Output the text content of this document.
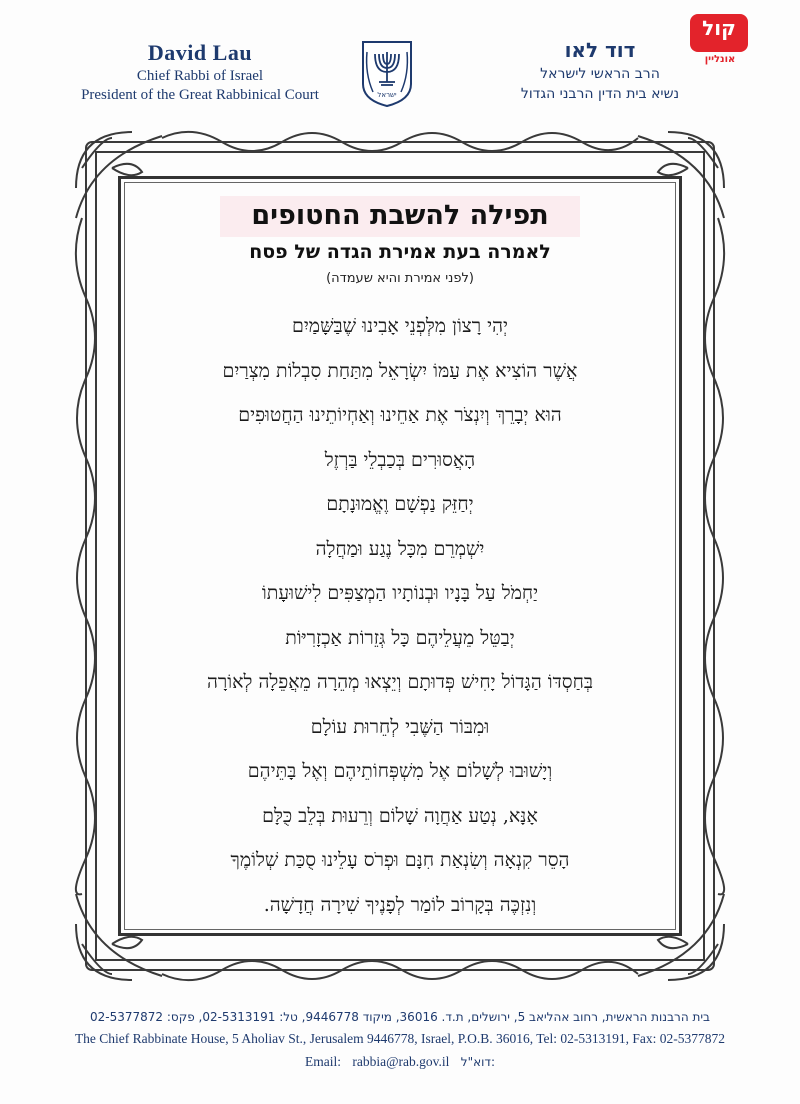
David Lau
Chief Rabbi of Israel
President of the Great Rabbinical Court	ישראל
דוד לאו
הרב הראשי לישראל
נשיא בית הדין הרבני הגדול
קול
אונליין
תפילה להשבת החטופים
לאמרה בעת אמירת הגדה של פסח
(לפני אמירת והיא שעמדה)
יְהִי רָצוֹן מִלְּפְנֵי אָבִינוּ שֶׁבַּשָּׁמַיִם
אֲשֶׁר הוֹצִיא אֶת עַמּוֹ יִשְׂרָאֵל מִתַּחַת סִבְלוֹת מִצְרַיִם
הוּא יְבָרֵךְ וְיִנְצֹר אֶת אַחֵינוּ וְאַחְיוֹתֵינוּ הַחֲטוּפִים
הָאֲסוּרִים בְּכַבְלֵי בַּרְזֶל
יְחַזֵּק נַפְשָׁם וֶאֱמוּנָתָם
יִשְׁמְרֵם מִכָּל נֶגַע וּמַחֲלָה
יַחְמֹל עַל בָּנָיו וּבְנוֹתָיו הַמְצַפִּים לִישׁוּעָתוֹ
יְבַטֵּל מֵעֲלֵיהֶם כָּל גְּזֵרוֹת אַכְזָרִיּוֹת
בְּחַסְדּוֹ הַגָּדוֹל יָחִישׁ פְּדוּתָם וְיֵצְאוּ מְהֵרָה מֵאֲפֵלָה לְאוֹרָה
וּמִבּוֹר הַשֶּׁבִי לְחֵרוּת עוֹלָם
וְיָשׁוּבוּ לְשָׁלוֹם אֶל מִשְׁפְּחוֹתֵיהֶם וְאֶל בָּתֵּיהֶם
אָנָּא, נְטַע אַחֲוָה שָׁלוֹם וְרֵעוּת בְּלֵב כֻּלָּם
הָסֵר קִנְאָה וְשִׂנְאַת חִנָּם וּפְרֹס עָלֵינוּ סֻכַּת שְׁלוֹמֶךָ
וְנִזְכֶּה בְּקָרוֹב לוֹמַר לְפָנֶיךָ שִׁירָה חֲדָשָׁה.
בית הרבנות הראשית, רחוב אהליאב 5, ירושלים, ת.ד. 36016, מיקוד 9446778, טל: 02-5313191, פקס: 02-5377872
The Chief Rabbinate House, 5 Aholiav St., Jerusalem 9446778, Israel, P.O.B. 36016, Tel: 02-5313191, Fax: 02-5377872
Email: rabbia@rab.gov.il דוא"ל:
